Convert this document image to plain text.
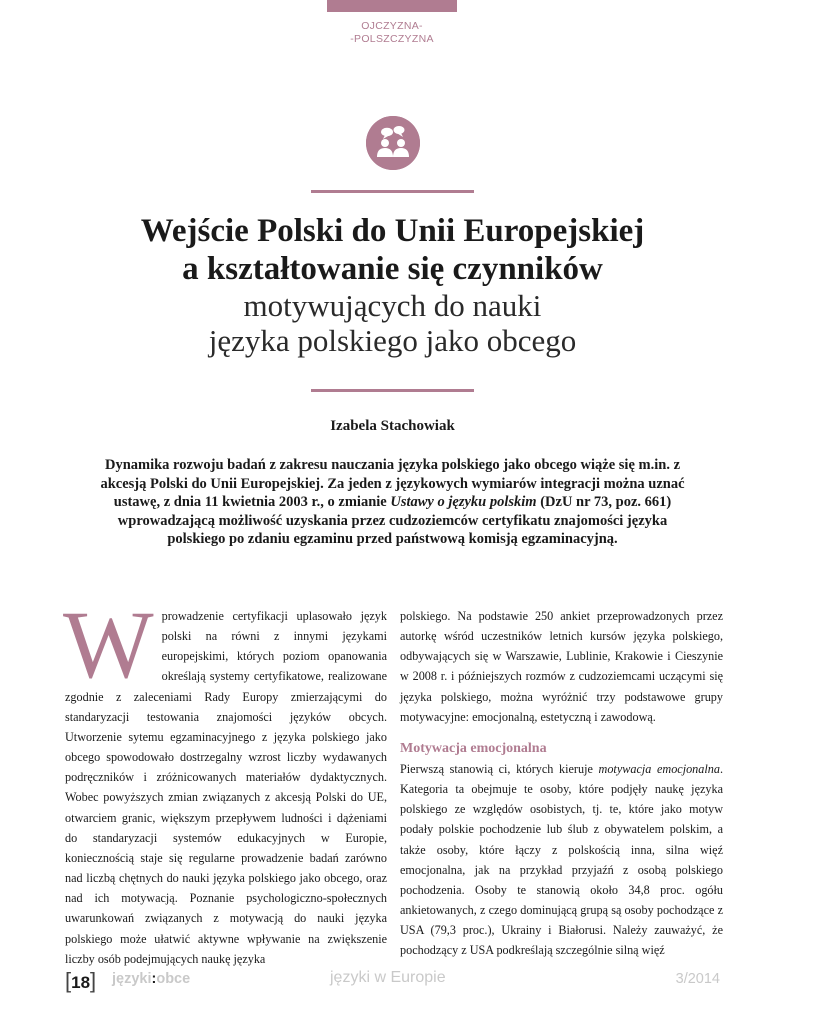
OJCZYZNA-
-POLSZCZYZNA
Wejście Polski do Unii Europejskiej
a kształtowanie się czynników
motywujących do nauki
języka polskiego jako obcego
Izabela Stachowiak
Dynamika rozwoju badań z zakresu nauczania języka polskiego jako obcego wiąże się m.in. z akcesją Polski do Unii Europejskiej. Za jeden z językowych wymiarów integracji można uznać ustawę, z dnia 11 kwietnia 2003 r., o zmianie Ustawy o języku polskim (DzU nr 73, poz. 661) wprowadzającą możliwość uzyskania przez cudzoziemców certyfikatu znajomości języka polskiego po zdaniu egzaminu przed państwową komisją egzaminacyjną.

Wprowadzenie certyfikacji uplasowało język polski na równi z innymi językami europejskimi, których poziom opanowania określają systemy certyfikatowe, realizowane zgodnie z zaleceniami Rady Europy zmierzającymi do standaryzacji testowania znajomości języków obcych. Utworzenie sytemu egzaminacyjnego z języka polskiego jako obcego spowodowało dostrzegalny wzrost liczby wydawanych podręczników i zróżnicowanych materiałów dydaktycznych. Wobec powyższych zmian związanych z akcesją Polski do UE, otwarciem granic, większym przepływem ludności i dążeniami do standaryzacji systemów edukacyjnych w Europie, koniecznością staje się regularne prowadzenie badań zarówno nad liczbą chętnych do nauki języka polskiego jako obcego, oraz nad ich motywacją. Poznanie psychologiczno-społecznych uwarunkowań związanych z motywacją do nauki języka polskiego może ułatwić aktywne wpływanie na zwiększenie liczby osób podejmujących naukę języka

polskiego. Na podstawie 250 ankiet przeprowadzonych przez autorkę wśród uczestników letnich kursów języka polskiego, odbywających się w Warszawie, Lublinie, Krakowie i Cieszynie w 2008 r. i późniejszych rozmów z cudzoziemcami uczącymi się języka polskiego, można wyróżnić trzy podstawowe grupy motywacyjne: emocjonalną, estetyczną i zawodową.

Motywacja emocjonalna

Pierwszą stanowią ci, których kieruje motywacja emocjonalna. Kategoria ta obejmuje te osoby, które podjęły naukę języka polskiego ze względów osobistych, tj. te, które jako motyw podały polskie pochodzenie lub ślub z obywatelem polskim, a także osoby, które łączy z polskością inna, silna więź emocjonalna, jak na przykład przyjaźń z osobą polskiego pochodzenia. Osoby te stanowią około 34,8 proc. ogółu ankietowanych, z czego dominującą grupą są osoby pochodzące z USA (79,3 proc.), Ukrainy i Białorusi. Należy zauważyć, że pochodzący z USA podkreślają szczególnie silną więź

[18] języki:obce	języki w Europie	3/2014
